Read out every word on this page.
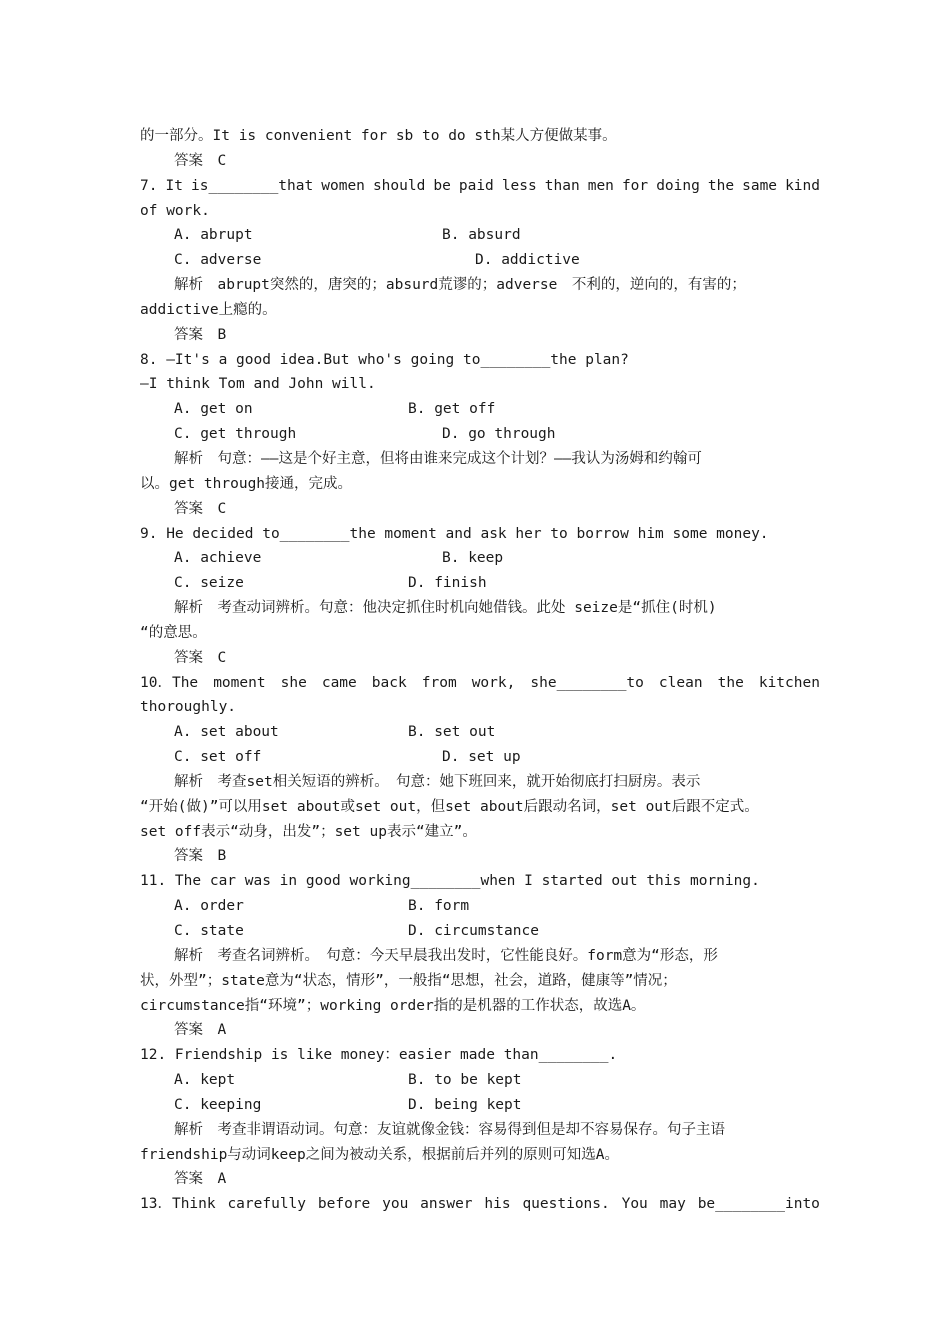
的一部分。It is convenient for sb to do sth某人方便做某事。
答案　C
7. It is________that women should be paid less than men for doing the same kind
of work.
A. abrupt	B. absurd
C. adverse	D. addictive
解析　abrupt突然的，唐突的；absurd荒谬的；adverse　不利的，逆向的，有害的；
addictive上瘾的。
答案　B
8. —It's a good idea.But who's going to________the plan?
—I think Tom and John will.
A. get on	B. get off
C. get through	D. go through
解析　句意：——这是个好主意，但将由谁来完成这个计划？——我认为汤姆和约翰可
以。get through接通，完成。
答案　C
9. He decided to________the moment and ask her to borrow him some money.
A. achieve	B. keep
C. seize	D. finish
解析　考查动词辨析。句意：他决定抓住时机向她借钱。此处 seize是“抓住(时机)
“的意思。
答案　C
10．The moment she came back from work, she________to clean the kitchen
thoroughly.
A. set about	B. set out
C. set off	D. set up
解析　考查set相关短语的辨析。　句意：她下班回来，就开始彻底打扫厨房。表示
“开始(做)”可以用set about或set out，但set about后跟动名词，set out后跟不定式。
set off表示“动身，出发”；set up表示“建立”。
答案　B
11. The car was in good working________when I started out this morning.
A. order	B. form
C. state	D. circumstance
解析　考查名词辨析。　句意：今天早晨我出发时，它性能良好。form意为“形态，形
状，外型”；state意为“状态，情形”，一般指“思想，社会，道路，健康等”情况；
circumstance指“环境”；working order指的是机器的工作状态，故选A。
答案　A
12. Friendship is like money：easier made than________.
A. kept	B. to be kept
C. keeping	D. being kept
解析　考查非谓语动词。句意：友谊就像金钱：容易得到但是却不容易保存。句子主语
friendship与动词keep之间为被动关系，根据前后并列的原则可知选A。
答案　A
13．Think carefully before you answer his questions. You may be________into
